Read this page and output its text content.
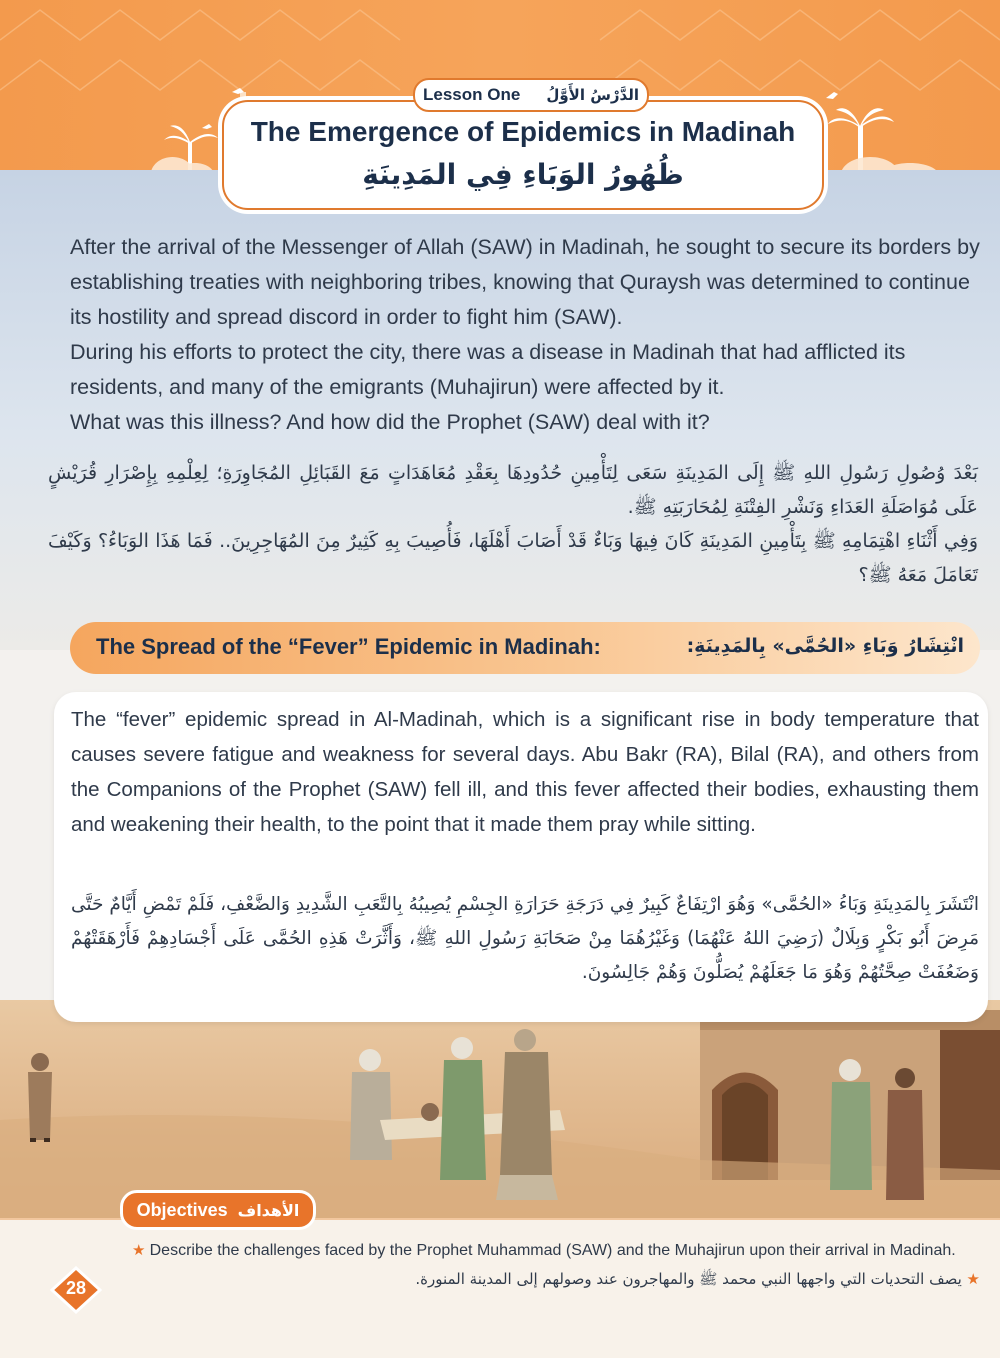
Lesson One الدَّرْسُ الأَوَّلُ
The Emergence of Epidemics in Madinah
ظُهُورُ الوَبَاءِ فِي المَدِينَةِ

After the arrival of the Messenger of Allah (SAW) in Madinah, he sought to secure its borders by establishing treaties with neighboring tribes, knowing that Quraysh was determined to continue its hostility and spread discord in order to fight him (SAW).

During his efforts to protect the city, there was a disease in Madinah that had afflicted its residents, and many of the emigrants (Muhajirun) were affected by it.

What was this illness? And how did the Prophet (SAW) deal with it?

بَعْدَ وُصُولِ رَسُولِ اللهِ ﷺ إِلَى المَدِينَةِ سَعَى لِتَأْمِينِ حُدُودِهَا بِعَقْدِ مُعَاهَدَاتٍ مَعَ القَبَائِلِ المُجَاوِرَةِ؛ لِعِلْمِهِ بِإِصْرَارِ قُرَيْشٍ عَلَى مُوَاصَلَةِ العَدَاءِ وَنَشْرِ الفِتْنَةِ لِمُحَارَبَتِهِ ﷺ.

وَفِي أَثْنَاءِ اهْتِمَامِهِ ﷺ بِتَأْمِينِ المَدِينَةِ كَانَ فِيهَا وَبَاءٌ قَدْ أَصَابَ أَهْلَهَا، فَأُصِيبَ بِهِ كَثِيرٌ مِنَ المُهَاجِرِينَ.. فَمَا هَذَا الوَبَاءُ؟ وَكَيْفَ تَعَامَلَ مَعَهُ ﷺ؟

The Spread of the “Fever” Epidemic in Madinah:	انْتِشَارُ وَبَاءِ «الحُمَّى» بِالمَدِينَةِ:
The “fever” epidemic spread in Al-Madinah, which is a significant rise in body temperature that causes severe fatigue and weakness for several days. Abu Bakr (RA), Bilal (RA), and others from the Companions of the Prophet (SAW) fell ill, and this fever affected their bodies, exhausting them and weakening their health, to the point that it made them pray while sitting.
انْتَشَرَ بِالمَدِينَةِ وَبَاءُ «الحُمَّى» وَهُوَ ارْتِفَاعٌ كَبِيرٌ فِي دَرَجَةِ حَرَارَةِ الجِسْمِ يُصِيبُهُ بِالتَّعَبِ الشَّدِيدِ وَالضَّعْفِ، فَلَمْ تَمْضِ أَيَّامٌ حَتَّى مَرِضَ أَبُو بَكْرٍ وَبِلَالٌ (رَضِيَ اللهُ عَنْهُمَا) وَغَيْرُهُمَا مِنْ صَحَابَةِ رَسُولِ اللهِ ﷺ، وَأَثَّرَتْ هَذِهِ الحُمَّى عَلَى أَجْسَادِهِمْ فَأَرْهَقَتْهُمْ وَضَعُفَتْ صِحَّتُهُمْ وَهُوَ مَا جَعَلَهُمْ يُصَلُّونَ وَهُمْ جَالِسُونَ.
Objectives الأهداف
★ Describe the challenges faced by the Prophet Muhammad (SAW) and the Muhajirun upon their arrival in Madinah.
★ يصف التحديات التي واجهها النبي محمد ﷺ والمهاجرون عند وصولهم إلى المدينة المنورة.
28
